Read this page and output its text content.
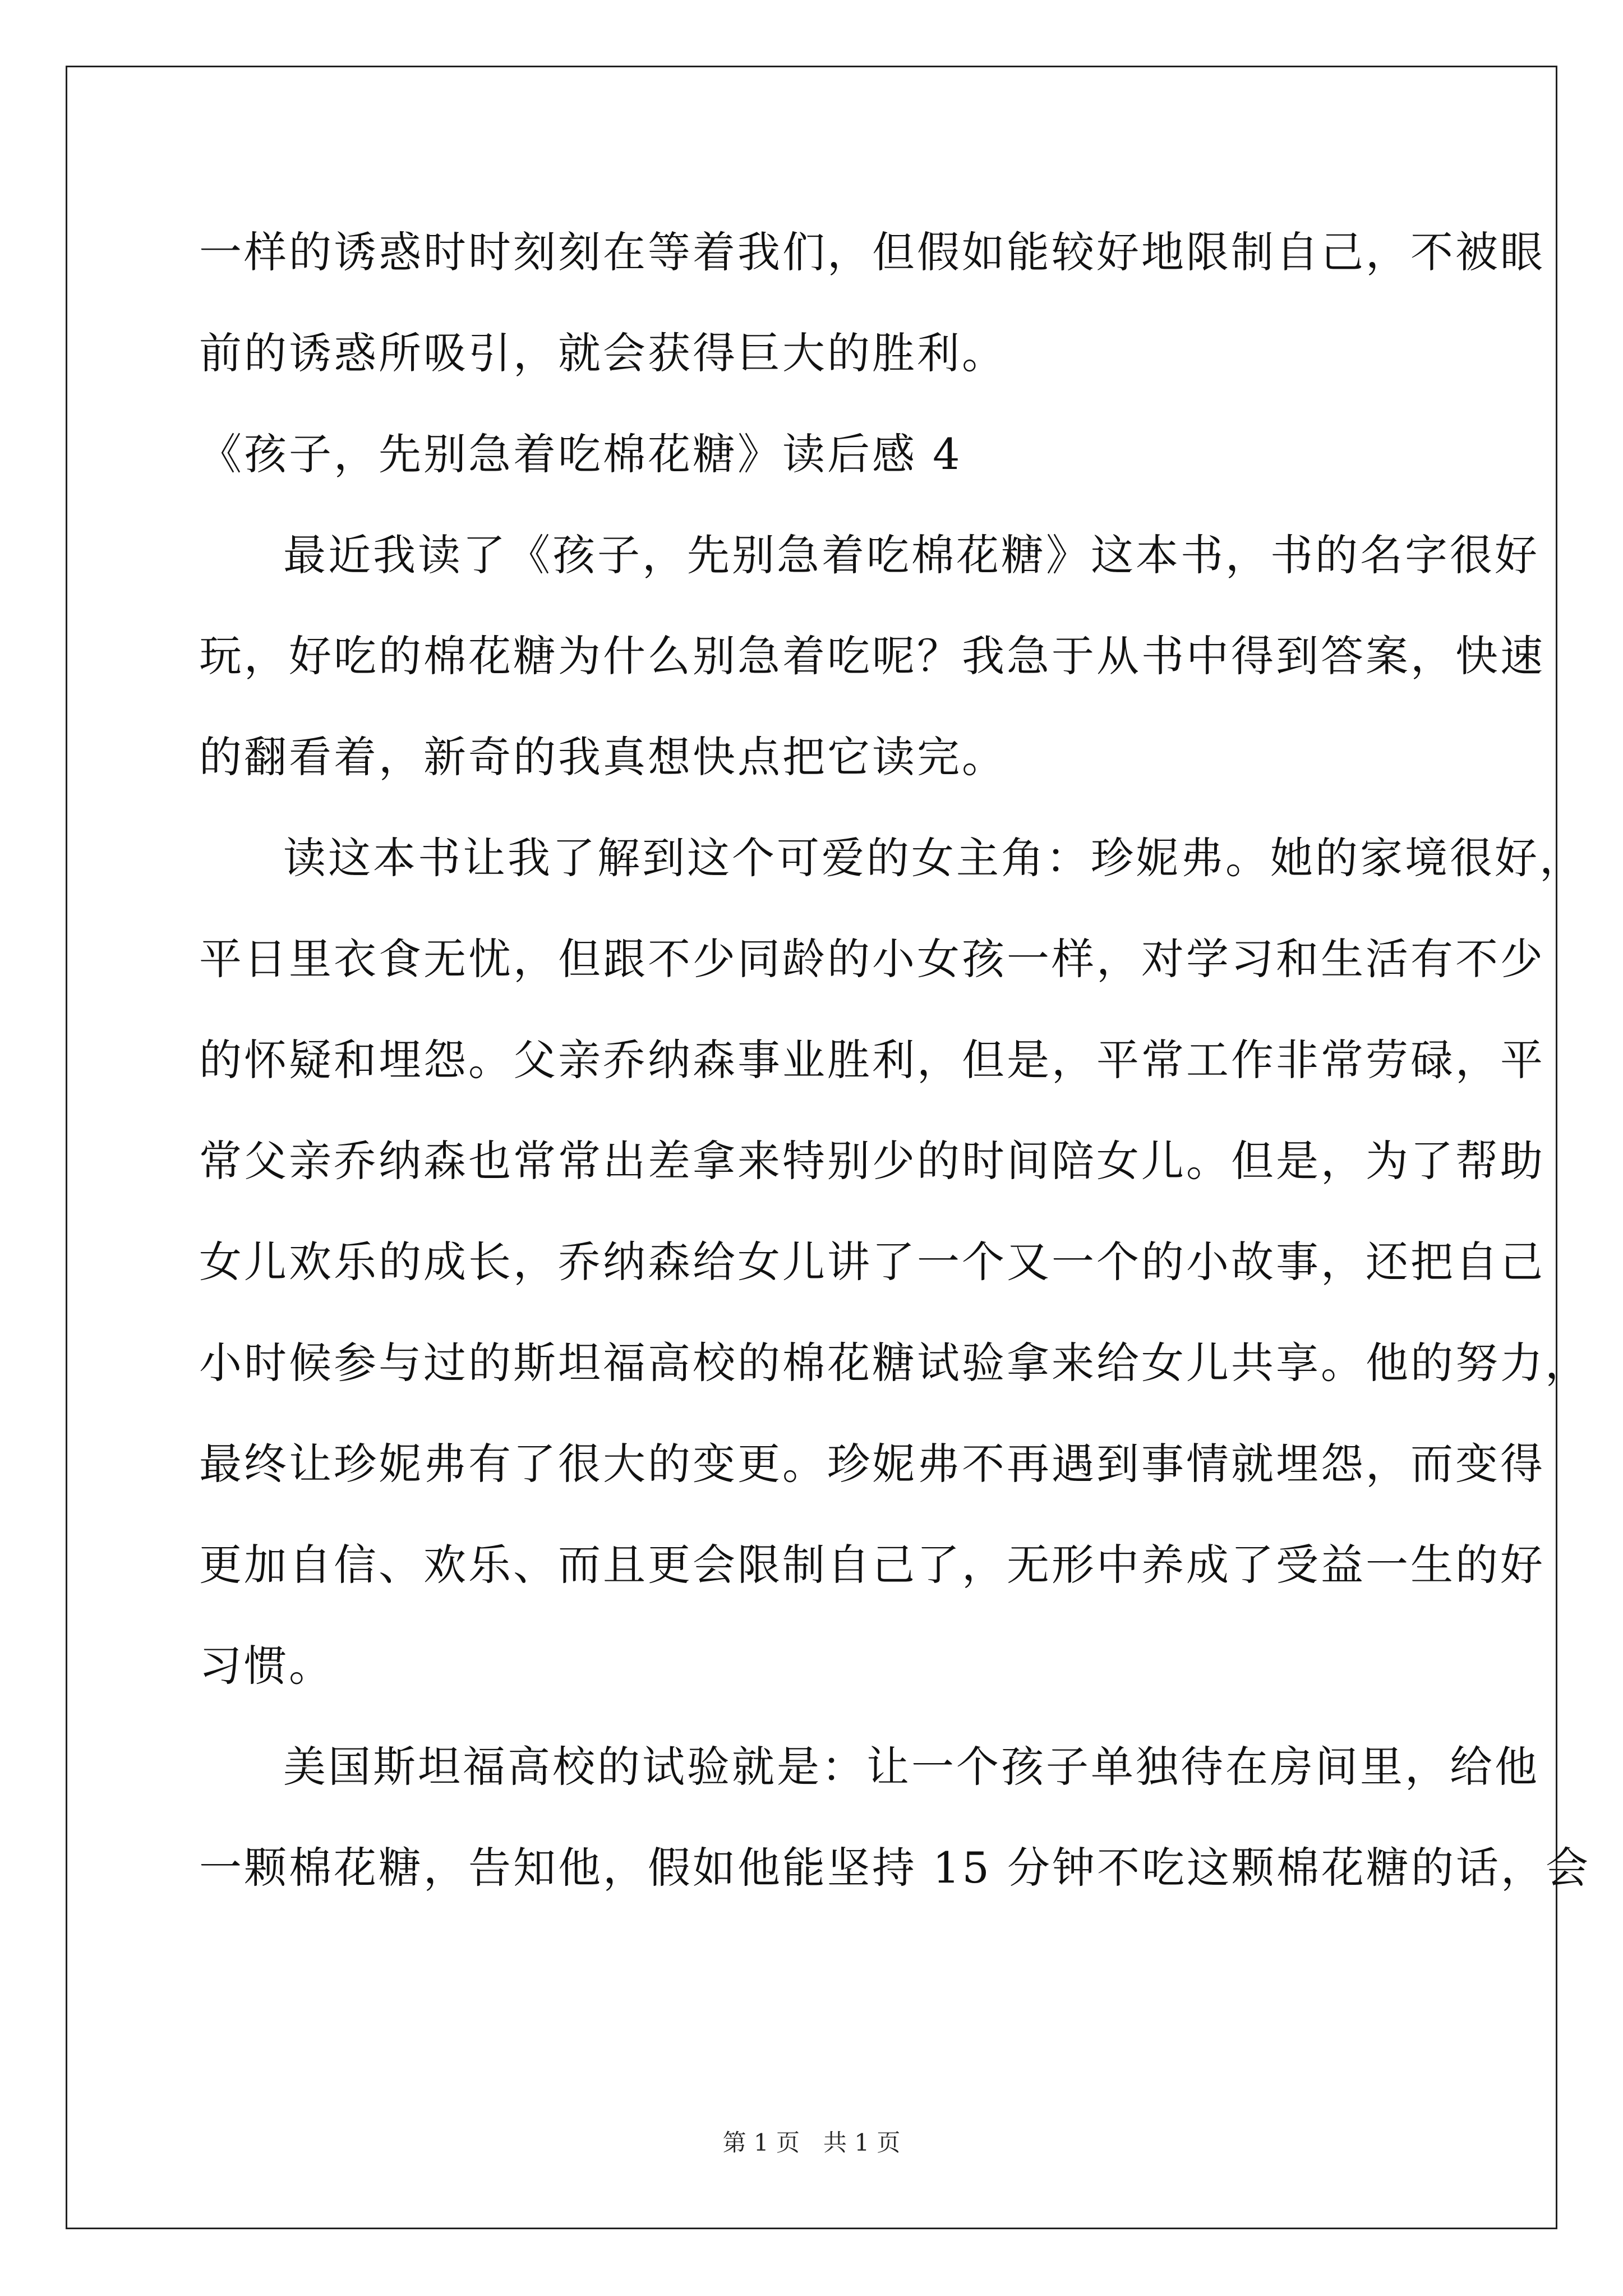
一样的诱惑时时刻刻在等着我们，但假如能较好地限制自己，不被眼
前的诱惑所吸引，就会获得巨大的胜利。
《孩子，先别急着吃棉花糖》读后感 4
最近我读了《孩子，先别急着吃棉花糖》这本书，书的名字很好
玩，好吃的棉花糖为什么别急着吃呢？我急于从书中得到答案，快速
的翻看着，新奇的我真想快点把它读完。
读这本书让我了解到这个可爱的女主角：珍妮弗。她的家境很好，
平日里衣食无忧，但跟不少同龄的小女孩一样，对学习和生活有不少
的怀疑和埋怨。父亲乔纳森事业胜利，但是，平常工作非常劳碌，平
常父亲乔纳森也常常出差拿来特别少的时间陪女儿。但是，为了帮助
女儿欢乐的成长，乔纳森给女儿讲了一个又一个的小故事，还把自己
小时候参与过的斯坦福高校的棉花糖试验拿来给女儿共享。他的努力，
最终让珍妮弗有了很大的变更。珍妮弗不再遇到事情就埋怨，而变得
更加自信、欢乐、而且更会限制自己了，无形中养成了受益一生的好
习惯。
美国斯坦福高校的试验就是：让一个孩子单独待在房间里，给他
一颗棉花糖，告知他，假如他能坚持 15 分钟不吃这颗棉花糖的话，会
第 1 页　共 1 页
